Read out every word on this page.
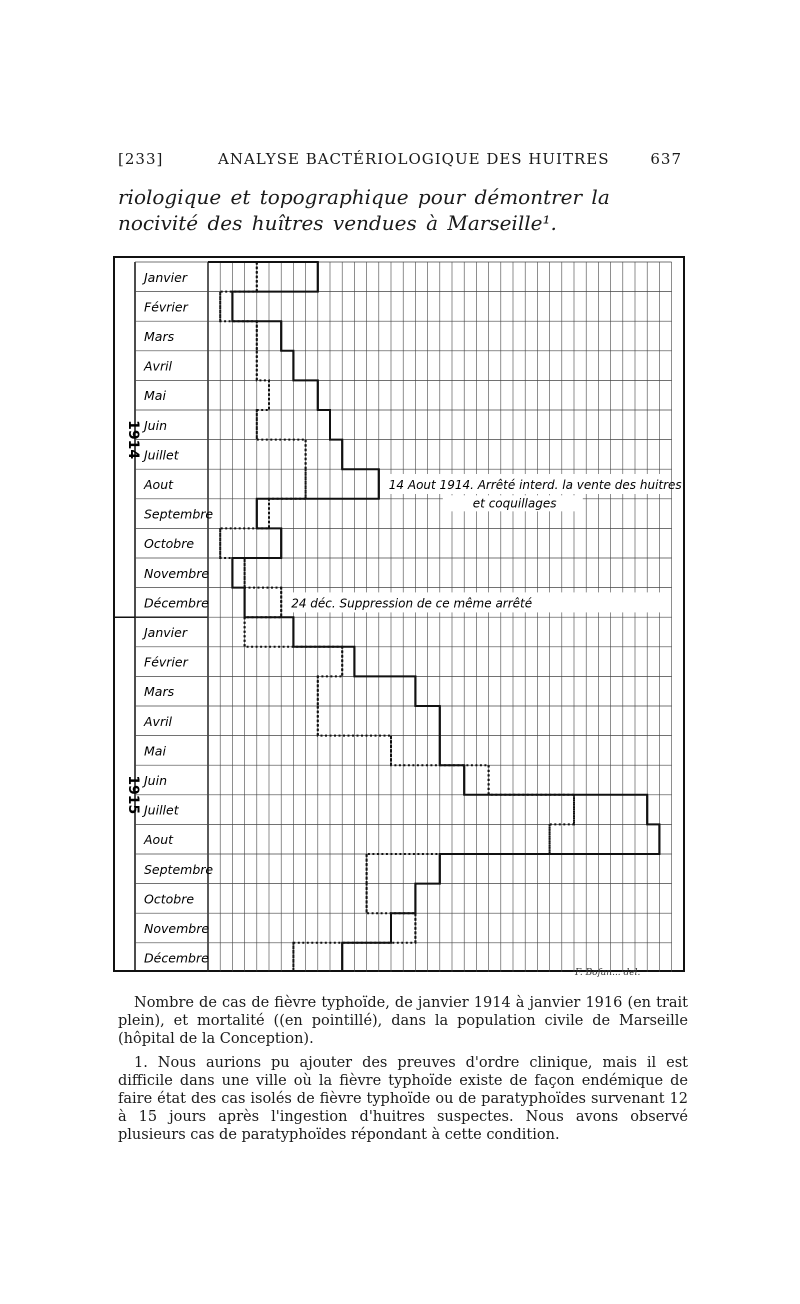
[233]	ANALYSE BACTÉRIOLOGIQUE DES HUITRES	637
riologique et topographique pour démontrer la nocivité des huîtres vendues à Marseille¹.
1914
1915
Janvier
Février
Mars
Avril
Mai
Juin
Juillet
Aout
Septembre
Octobre
Novembre
Décembre
Janvier
Février
Mars
Avril
Mai
Juin
Juillet
Aout
Septembre
Octobre
Novembre
Décembre
14 Aout 1914. Arrêté interd. la vente des huitres
et coquillages
24 déc. Suppression de ce même arrêté
F. Bofan... del.
Nombre de cas de fièvre typhoïde, de janvier 1914 à janvier 1916 (en trait plein), et mortalité ((en pointillé), dans la population civile de Marseille (hôpital de la Conception).
1. Nous aurions pu ajouter des preuves d'ordre clinique, mais il est difficile dans une ville où la fièvre typhoïde existe de façon endémique de faire état des cas isolés de fièvre typhoïde ou de paratyphoïdes survenant 12 à 15 jours après l'ingestion d'huitres suspectes. Nous avons observé plusieurs cas de paratyphoïdes répondant à cette condition.
